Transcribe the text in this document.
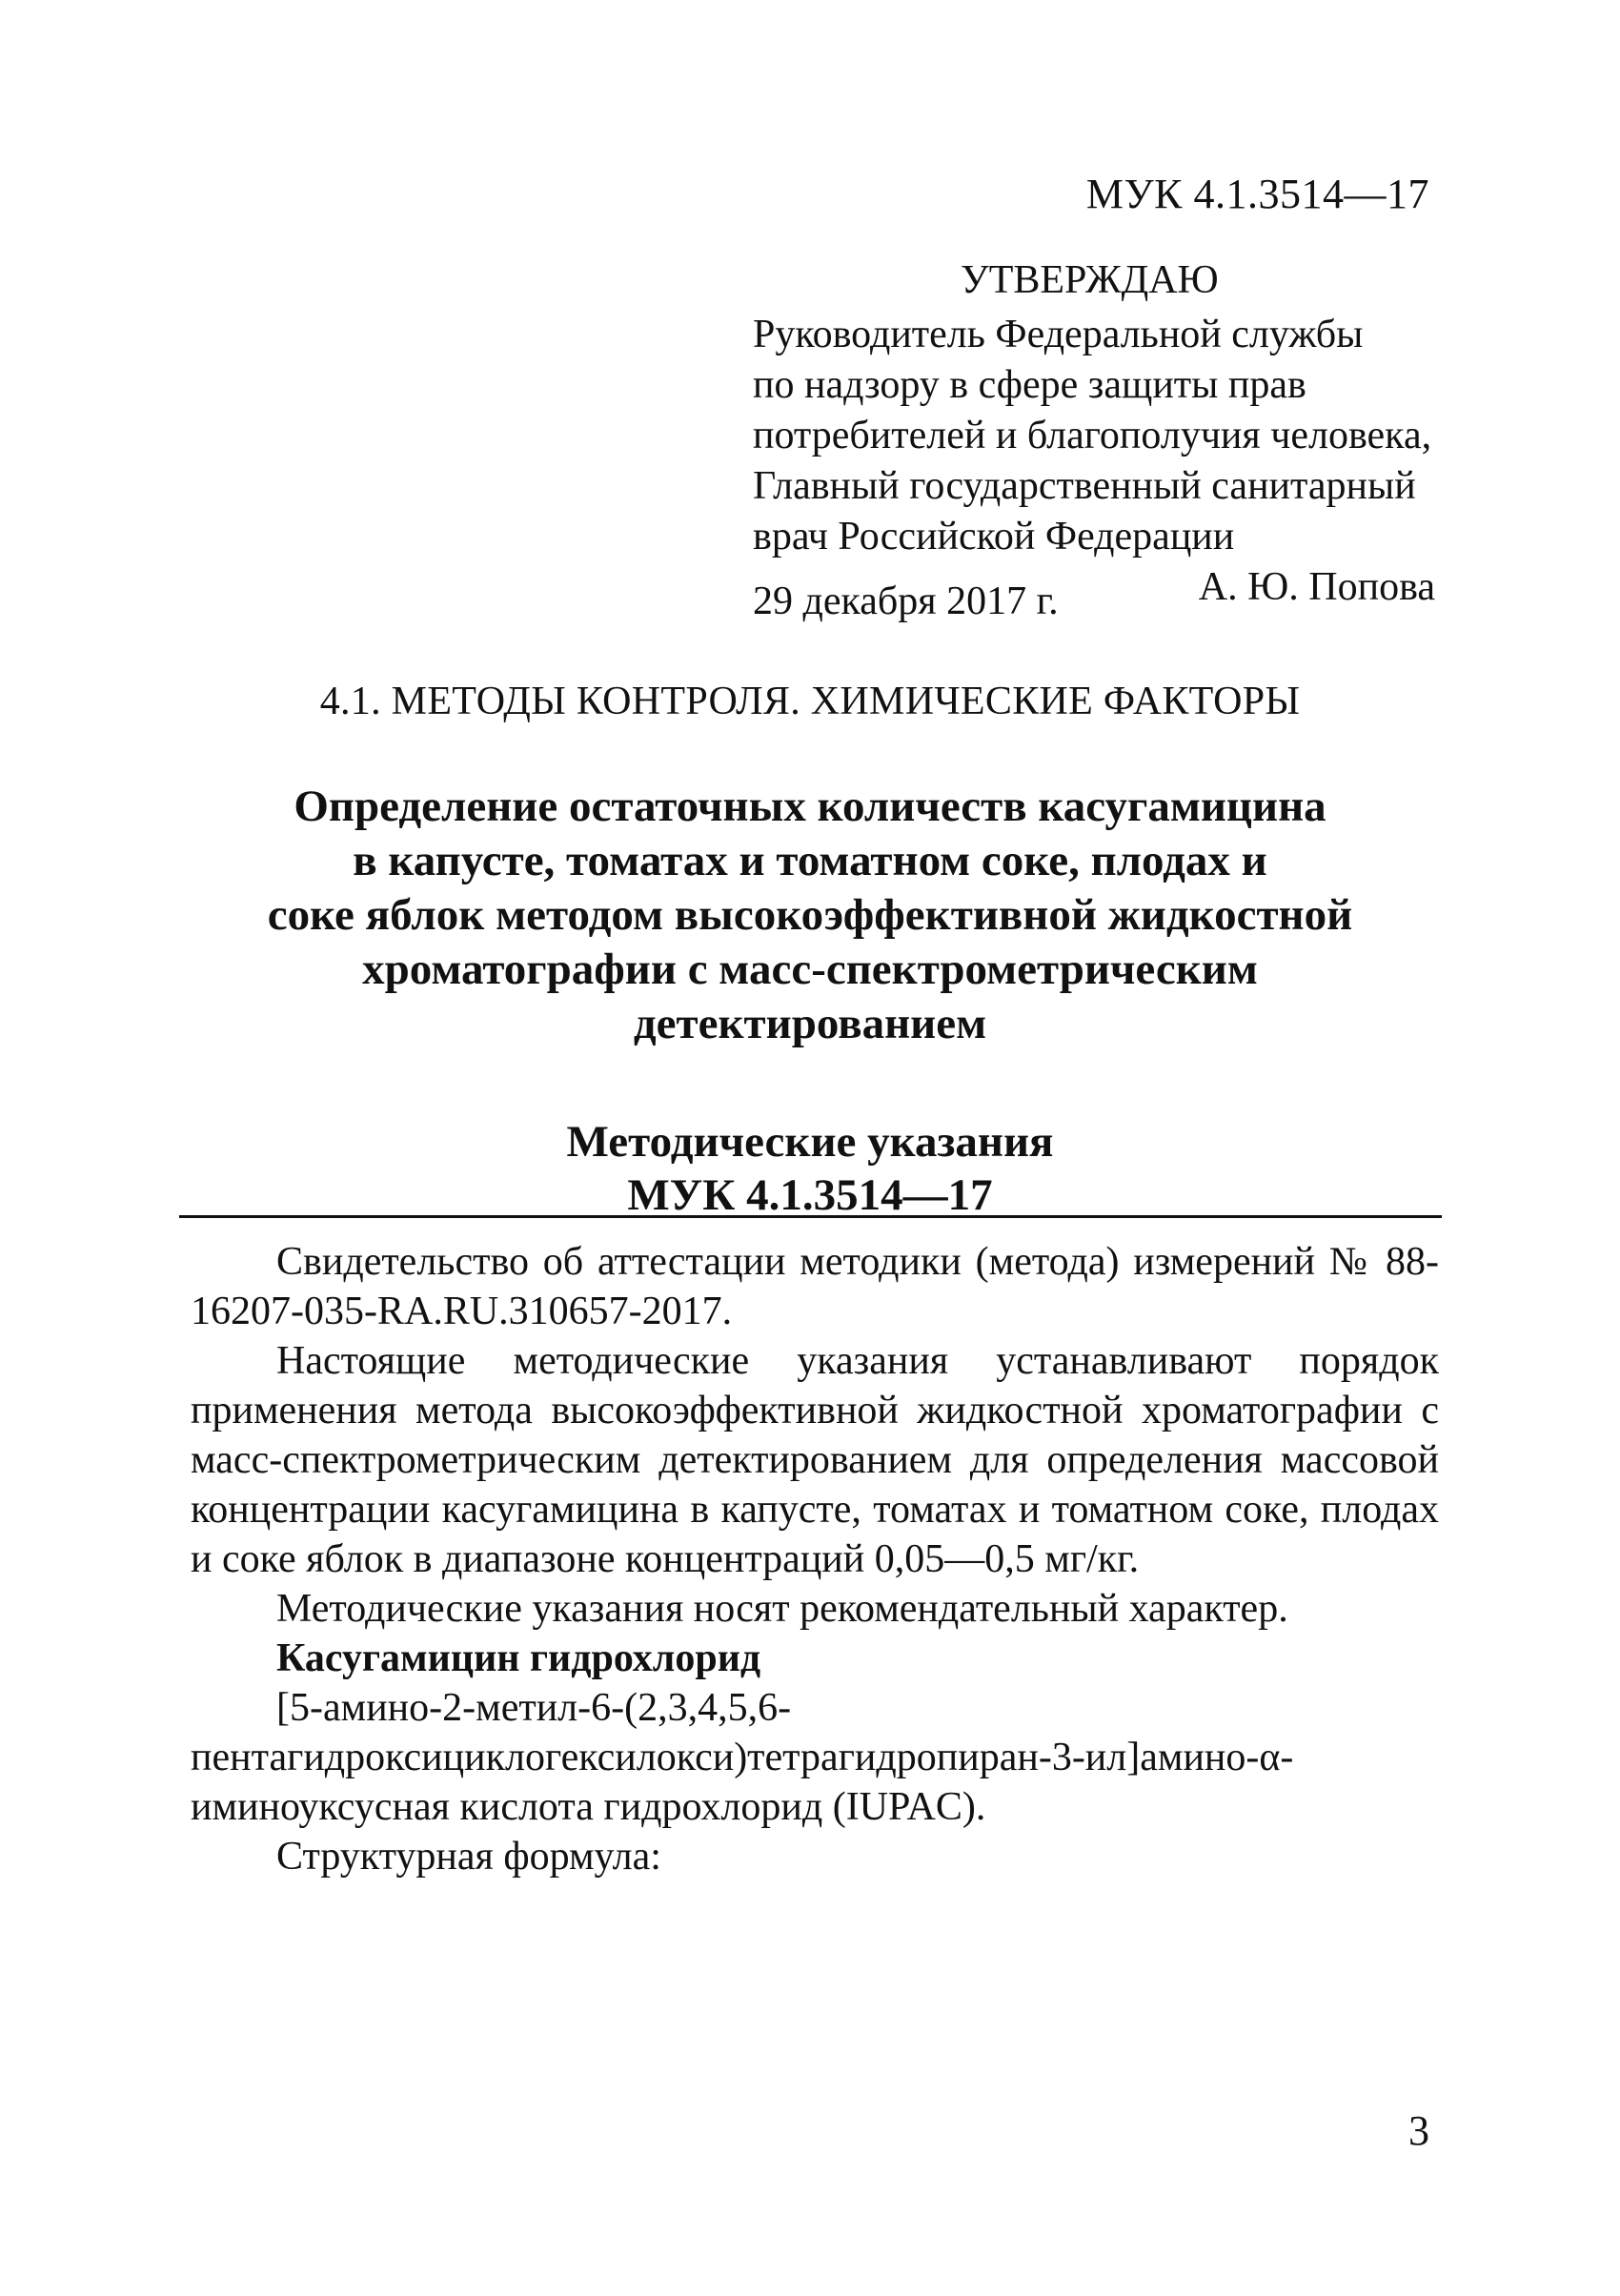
МУК 4.1.3514—17
УТВЕРЖДАЮ
Руководитель Федеральной службы
по надзору в сфере защиты прав
потребителей и благополучия человека,
Главный государственный санитарный
врач Российской Федерации
А. Ю. Попова
29 декабря 2017 г.
4.1. МЕТОДЫ КОНТРОЛЯ. ХИМИЧЕСКИЕ ФАКТОРЫ
Определение остаточных количеств касугамицина
в капусте, томатах и томатном соке, плодах и
соке яблок методом высокоэффективной жидкостной
хроматографии с масс-спектрометрическим
детектированием
Методические указания
МУК 4.1.3514—17

Свидетельство об аттестации методики (метода) измерений № 88-16207-035-RA.RU.310657-2017.

Настоящие методические указания устанавливают порядок применения метода высокоэффективной жидкостной хроматографии с масс-спектрометрическим детектированием для определения массовой концентрации касугамицина в капусте, томатах и томатном соке, плодах и соке яблок в диапазоне концентраций 0,05—0,5 мг/кг.

Методические указания носят рекомендательный характер.

Касугамицин гидрохлорид

[5-амино-2-метил-6-(2,3,4,5,6-пентагидроксициклогексилокси)тетрагидропиран-3-ил]амино-α-иминоуксусная кислота гидрохлорид (IUPAC).

Структурная формула:

3
